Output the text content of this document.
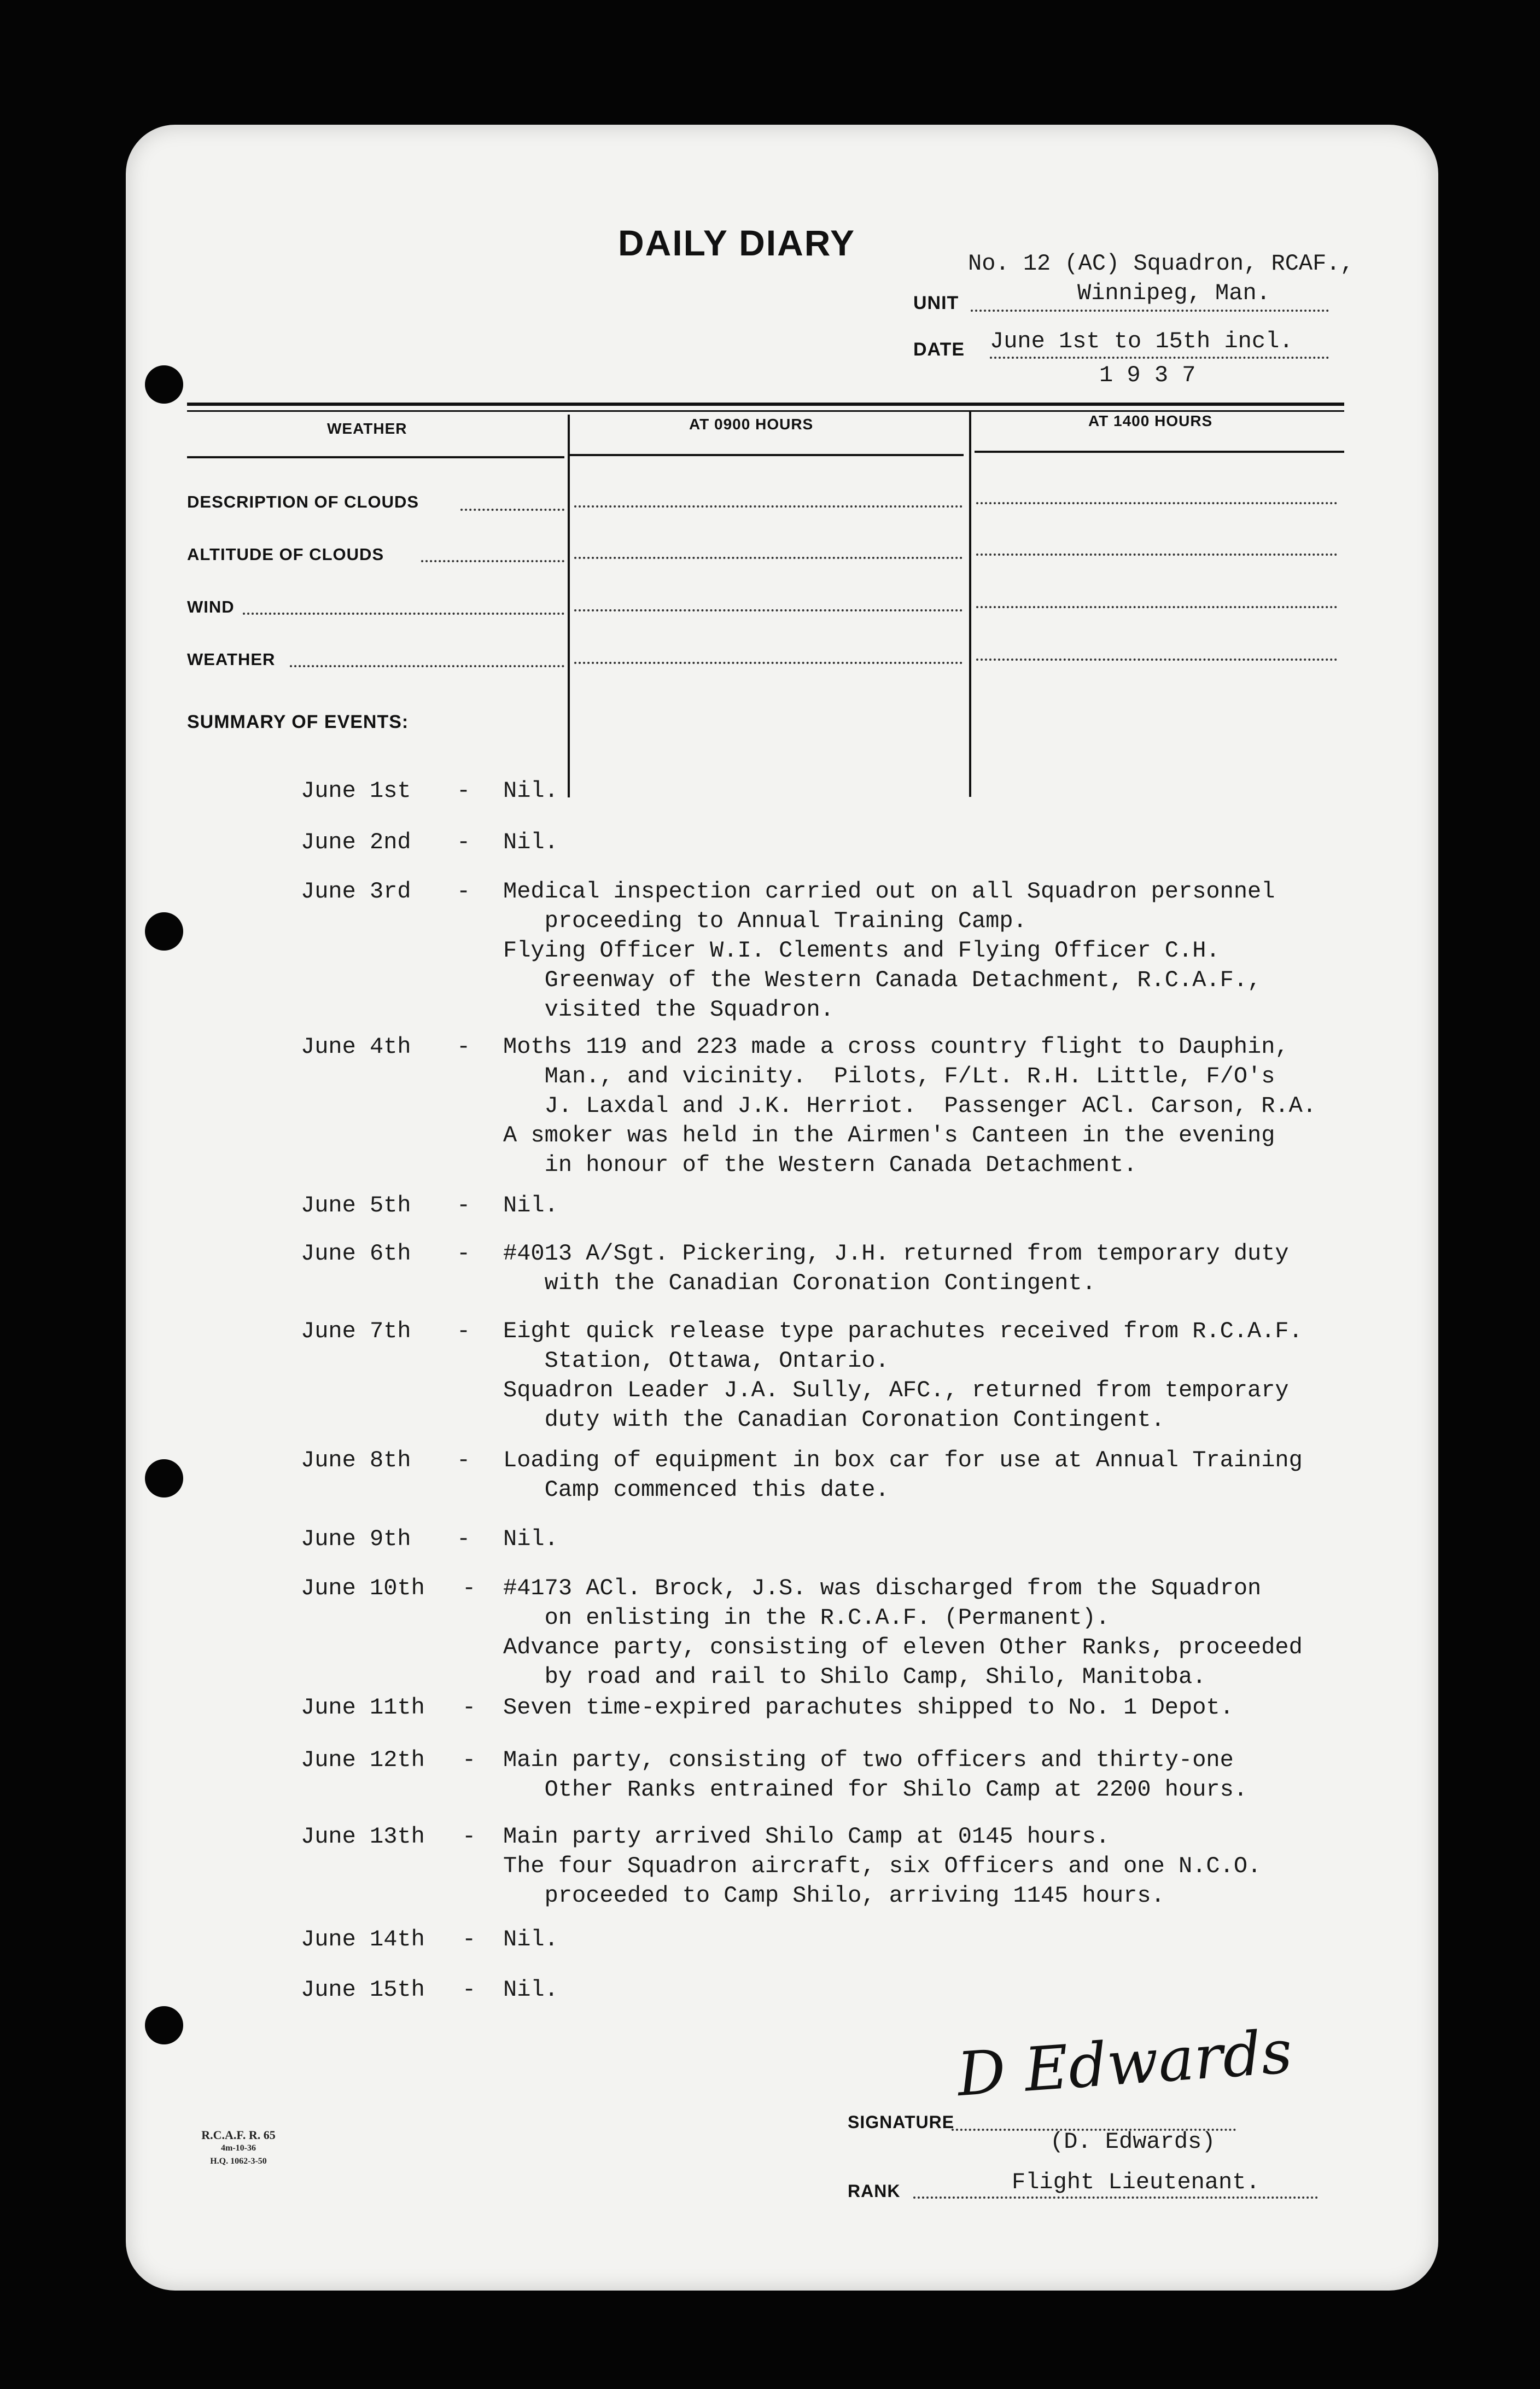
DAILY DIARY
No. 12 (AC) Squadron, RCAF.,
UNIT	Winnipeg, Man.
DATE June 1st to 15th incl.
1 9 3 7
WEATHER	AT 0900 HOURS	AT 1400 HOURS
DESCRIPTION OF CLOUDS
ALTITUDE OF CLOUDS
WIND
WEATHER
SUMMARY OF EVENTS:
June 1st - Nil.
June 2nd - Nil.
June 3rd - Medical inspection carried out on all Squadron personnel
proceeding to Annual Training Camp.
Flying Officer W.I. Clements and Flying Officer C.H.
Greenway of the Western Canada Detachment, R.C.A.F.,
visited the Squadron.
June 4th - Moths 119 and 223 made a cross country flight to Dauphin,
Man., and vicinity.  Pilots, F/Lt. R.H. Little, F/O's
J. Laxdal and J.K. Herriot.  Passenger ACl. Carson, R.A.
A smoker was held in the Airmen's Canteen in the evening
in honour of the Western Canada Detachment.
June 5th - Nil.
June 6th - #4013 A/Sgt. Pickering, J.H. returned from temporary duty
with the Canadian Coronation Contingent.
June 7th - Eight quick release type parachutes received from R.C.A.F.
Station, Ottawa, Ontario.
Squadron Leader J.A. Sully, AFC., returned from temporary
duty with the Canadian Coronation Contingent.
June 8th - Loading of equipment in box car for use at Annual Training
Camp commenced this date.
June 9th - Nil.
June 10th - #4173 ACl. Brock, J.S. was discharged from the Squadron
on enlisting in the R.C.A.F. (Permanent).
Advance party, consisting of eleven Other Ranks, proceeded
by road and rail to Shilo Camp, Shilo, Manitoba.
June 11th - Seven time-expired parachutes shipped to No. 1 Depot.
June 12th - Main party, consisting of two officers and thirty-one
Other Ranks entrained for Shilo Camp at 2200 hours.
June 13th - Main party arrived Shilo Camp at 0145 hours.
The four Squadron aircraft, six Officers and one N.C.O.
proceeded to Camp Shilo, arriving 1145 hours.
June 14th - Nil.
June 15th - Nil.
R.C.A.F. R. 65
4m-10-36
H.Q. 1062-3-50
SIGNATURE
D Edwards
(D. Edwards)
RANK	Flight Lieutenant.
